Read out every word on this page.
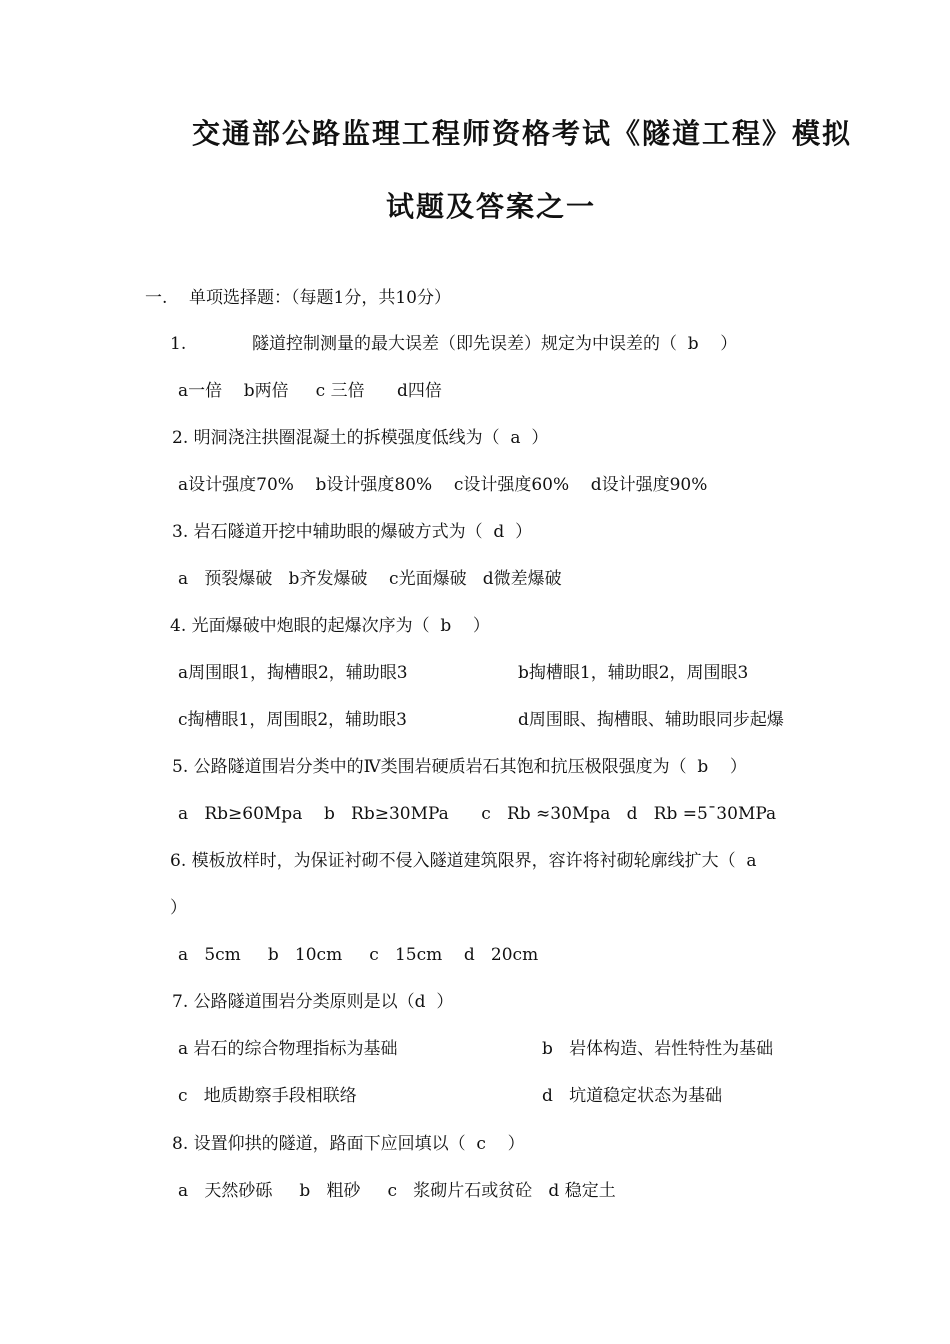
交通部公路监理工程师资格考试《隧道工程》模拟
试题及答案之一
一.    单项选择题：（每题1分，共10分）
1.	隧道控制测量的最大误差（即先误差）规定为中误差的（  b    ）
a一倍    b两倍     c 三倍      d四倍
2. 明洞浇注拱圈混凝土的拆模强度低线为（  a  ）
a设计强度70%    b设计强度80%    c设计强度60%    d设计强度90%
3. 岩石隧道开挖中辅助眼的爆破方式为（  d  ）
a   预裂爆破   b齐发爆破    c光面爆破   d微差爆破
4. 光面爆破中炮眼的起爆次序为（  b    ）
a周围眼1，掏槽眼2，辅助眼3	b掏槽眼1，辅助眼2，周围眼3
c掏槽眼1，周围眼2，辅助眼3	d周围眼、掏槽眼、辅助眼同步起爆
5. 公路隧道围岩分类中的Ⅳ类围岩硬质岩石其饱和抗压极限强度为（  b    ）
a   Rb≥60Mpa    b   Rb≥30MPa      c   Rb ≈30Mpa   d   Rb =5¯30MPa
6. 模板放样时，为保证衬砌不侵入隧道建筑限界，容许将衬砌轮廓线扩大（  a
）
a   5cm     b   10cm     c   15cm    d   20cm
7. 公路隧道围岩分类原则是以（d  ）
a 岩石的综合物理指标为基础	b   岩体构造、岩性特性为基础
c   地质勘察手段相联络	d   坑道稳定状态为基础
8. 设置仰拱的隧道，路面下应回填以（  c    ）
a   天然砂砾     b   粗砂     c   浆砌片石或贫砼   d 稳定土
